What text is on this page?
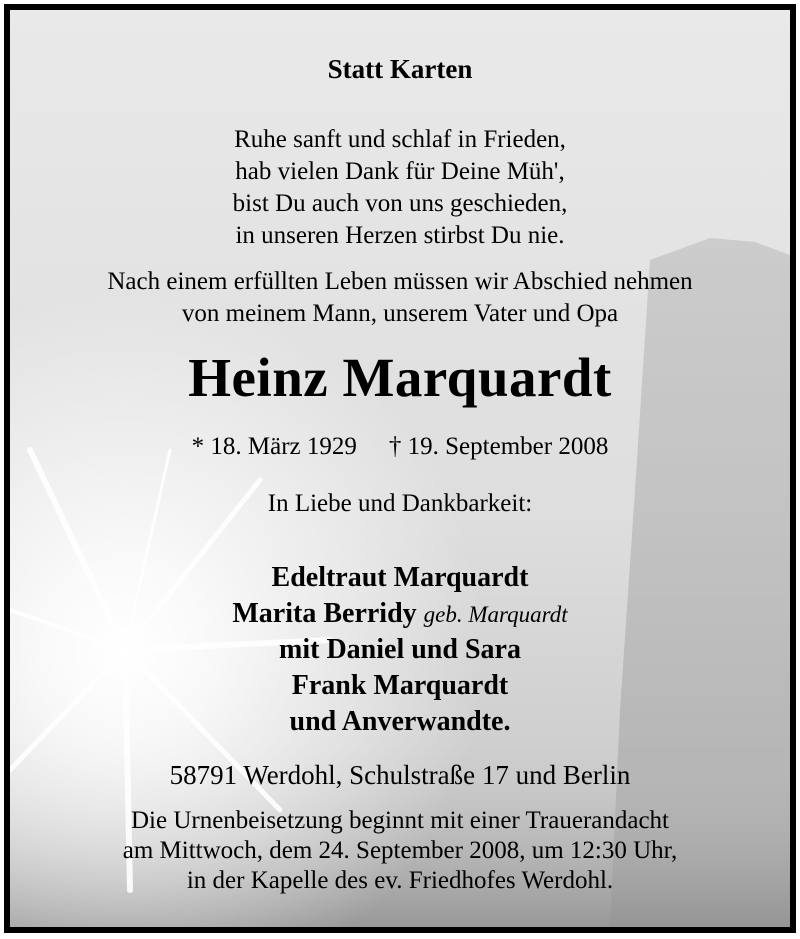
Statt Karten
Ruhe sanft und schlaf in Frieden,
hab vielen Dank für Deine Müh',
bist Du auch von uns geschieden,
in unseren Herzen stirbst Du nie.
Nach einem erfüllten Leben müssen wir Abschied nehmen
von meinem Mann, unserem Vater und Opa
Heinz Marquardt
* 18. März 1929 † 19. September 2008
In Liebe und Dankbarkeit:
Edeltraut Marquardt
Marita Berridy geb. Marquardt
mit Daniel und Sara
Frank Marquardt
und Anverwandte.
58791 Werdohl, Schulstraße 17 und Berlin
Die Urnenbeisetzung beginnt mit einer Trauerandacht
am Mittwoch, dem 24. September 2008, um 12:30 Uhr,
in der Kapelle des ev. Friedhofes Werdohl.
